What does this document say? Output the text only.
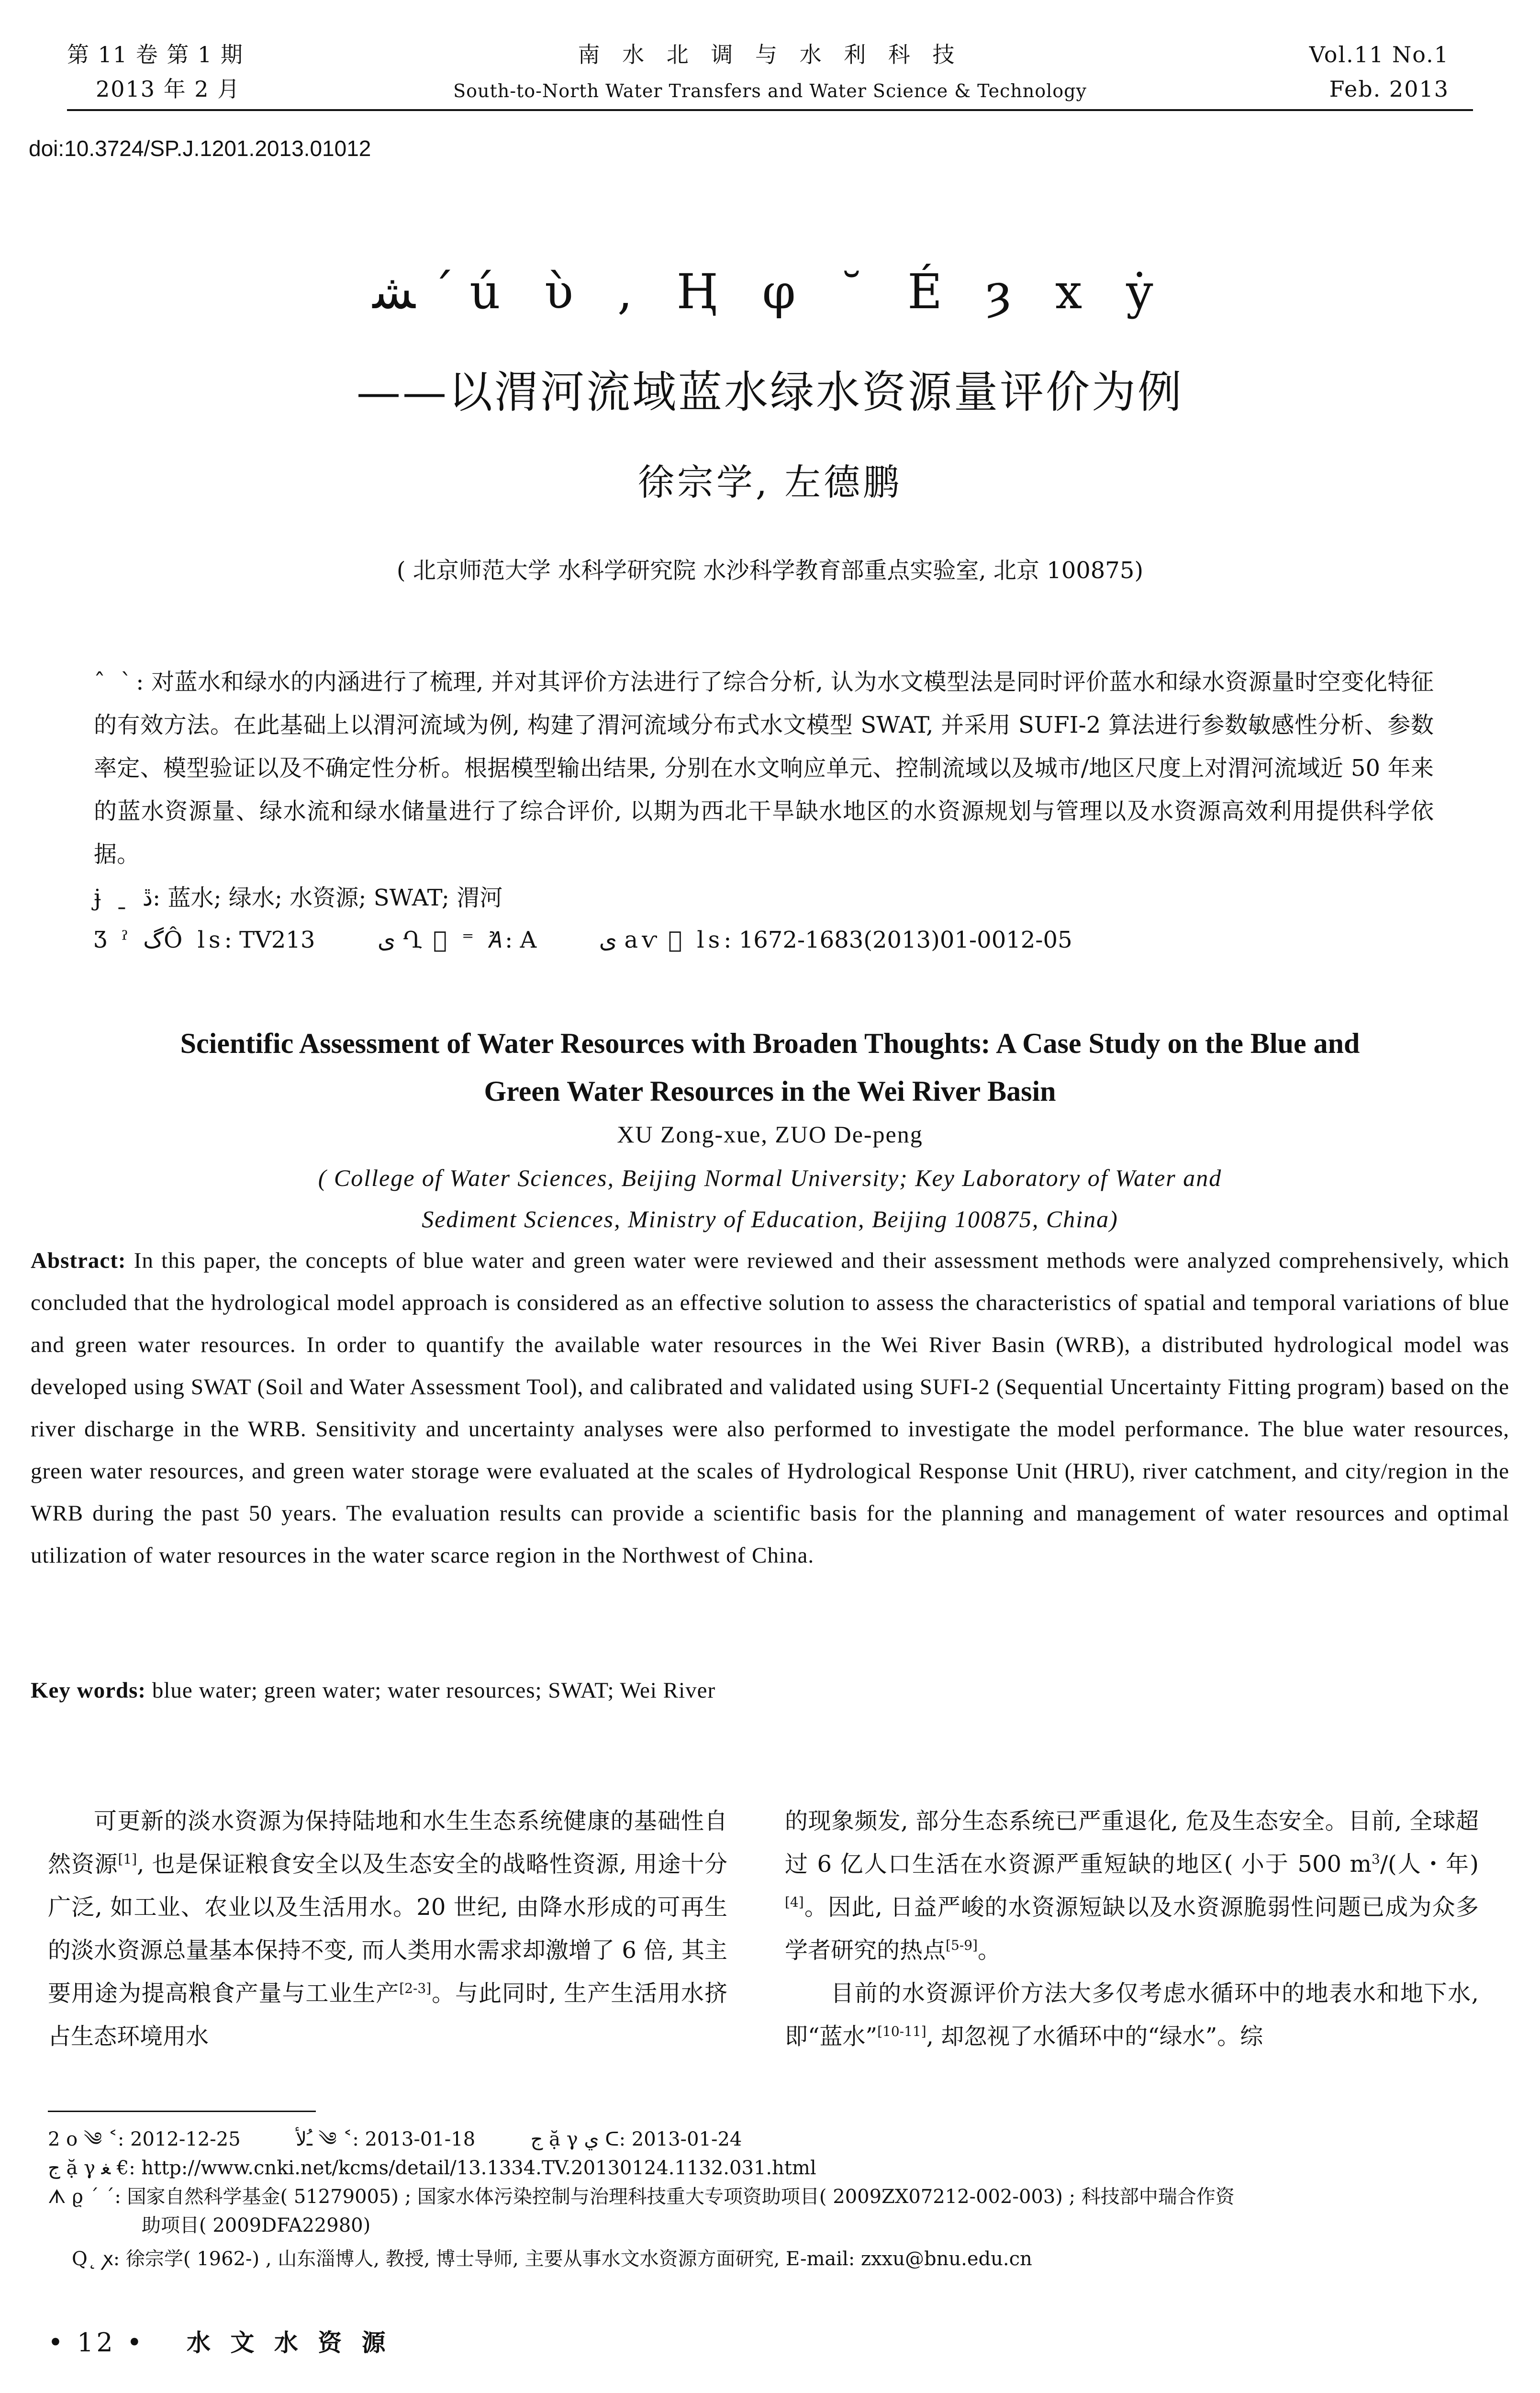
第 11 卷 第 1 期
2013 年 2 月
南 水 北 调 与 水 利 科 技
South-to-North Water Transfers and Water Science & Technology
Vol.11 No.1
Feb. 2013
doi:10.3724/SP.J.1201.2013.01012
ﺸ ˊ ú ὺ , Ⱨ φ ˘ É ȝ x ẏ
——以渭河流域蓝水绿水资源量评价为例
徐宗学, 左德鹏
( 北京师范大学 水科学研究院 水沙科学教育部重点实验室, 北京 100875)
ˆ ˋ: 对蓝水和绿水的内涵进行了梳理, 并对其评价方法进行了综合分析, 认为水文模型法是同时评价蓝水和绿水资源量时空变化特征的有效方法。在此基础上以渭河流域为例, 构建了渭河流域分布式水文模型 SWAT, 并采用 SUFI-2 算法进行参数敏感性分析、参数率定、模型验证以及不确定性分析。根据模型输出结果, 分别在水文响应单元、控制流域以及城市/地区尺度上对渭河流域近 50 年来的蓝水资源量、绿水流和绿水储量进行了综合评价, 以期为西北干旱缺水地区的水资源规划与管理以及水资源高效利用提供科学依据。
ɉ ˍ ڐ: 蓝水; 绿水; 水资源; SWAT; 渭河
Ʒ ˀ گÔ ls: TV213	ى Ղ ⃞ ⁼ Ꞻ: A	ى aⱱ ⃞ ls: 1672-1683(2013)01-0012-05
Scientific Assessment of Water Resources with Broaden Thoughts: A Case Study on the Blue and
Green Water Resources in the Wei River Basin
XU Zong-xue, ZUO De-peng
( College of Water Sciences, Beijing Normal University; Key Laboratory of Water and
Sediment Sciences, Ministry of Education, Beijing 100875, China)
Abstract: In this paper, the concepts of blue water and green water were reviewed and their assessment methods were analyzed comprehensively, which concluded that the hydrological model approach is considered as an effective solution to assess the characteristics of spatial and temporal variations of blue and green water resources. In order to quantify the available water resources in the Wei River Basin (WRB), a distributed hydrological model was developed using SWAT (Soil and Water Assessment Tool), and calibrated and validated using SUFI-2 (Sequential Uncertainty Fitting program) based on the river discharge in the WRB. Sensitivity and uncertainty analyses were also performed to investigate the model performance. The blue water resources, green water resources, and green water storage were evaluated at the scales of Hydrological Response Unit (HRU), river catchment, and city/region in the WRB during the past 50 years. The evaluation results can provide a scientific basis for the planning and management of water resources and optimal utilization of water resources in the water scarce region in the Northwest of China.
Key words: blue water; green water; water resources; SWAT; Wei River

可更新的淡水资源为保持陆地和水生生态系统健康的基础性自然资源[1], 也是保证粮食安全以及生态安全的战略性资源, 用途十分广泛, 如工业、农业以及生活用水。20 世纪, 由降水形成的可再生的淡水资源总量基本保持不变, 而人类用水需求却激增了 6 倍, 其主要用途为提高粮食产量与工业生产[2-3]。与此同时, 生产生活用水挤占生态环境用水

的现象频发, 部分生态系统已严重退化, 危及生态安全。目前, 全球超过 6 亿人口生活在水资源严重短缺的地区( 小于 500 $m^3/$(人・年)[4]。因此, 日益严峻的水资源短缺以及水资源脆弱性问题已成为众多学者研究的热点[5-9]。

目前的水资源评价方法大多仅考虑水循环中的地表水和地下水, 即“蓝水”[10-11], 却忽视了水循环中的“绿水”。综

2 ο ༄ ˂: 2012-12-25	ـُﻷ ༄ ˂: 2013-01-18	ج ặ γ ي ᑕ: 2013-01-24
ج ặ γ ﻐ €: http://www.cnki.net/kcms/detail/13.1334.TV.20130124.1132.031.html
ᗑ ϱ ˊ ˊ: 国家自然科学基金( 51279005) ; 国家水体污染控制与治理科技重大专项资助项目( 2009ZX07212-002-003) ; 科技部中瑞合作资
助项目( 2009DFA22980)
Q˛ ꭗ: 徐宗学( 1962-) , 山东淄博人, 教授, 博士导师, 主要从事水文水资源方面研究, E-mail: zxxu@bnu.edu.cn
• 12 • 水 文 水 资 源
